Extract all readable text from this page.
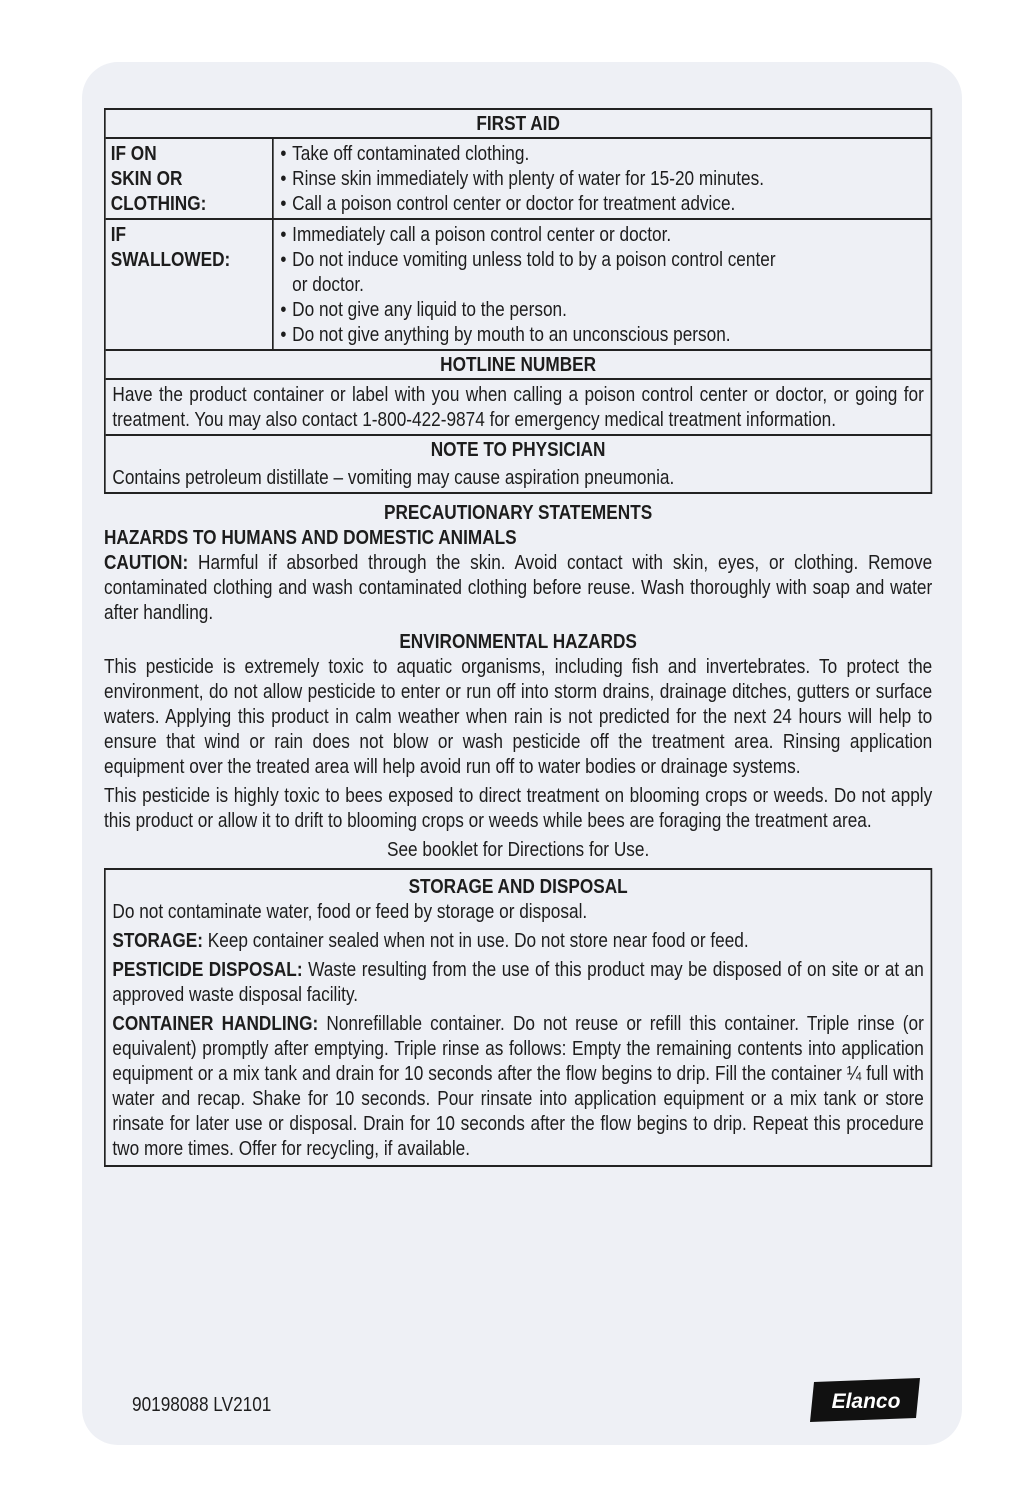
FIRST AID
IF ON
SKIN OR
CLOTHING:
• Take off contaminated clothing.
• Rinse skin immediately with plenty of water for 15-20 minutes.
• Call a poison control center or doctor for treatment advice.
IF
SWALLOWED:
• Immediately call a poison control center or doctor.
• Do not induce vomiting unless told to by a poison control center
or doctor.
• Do not give any liquid to the person.
• Do not give anything by mouth to an unconscious person.
HOTLINE NUMBER
Have the product container or label with you when calling a poison control center or doctor, or going for treatment. You may also contact 1-800-422-9874 for emergency medical treatment information.
NOTE TO PHYSICIAN
Contains petroleum distillate – vomiting may cause aspiration pneumonia.
PRECAUTIONARY STATEMENTS
HAZARDS TO HUMANS AND DOMESTIC ANIMALS
CAUTION: Harmful if absorbed through the skin. Avoid contact with skin, eyes, or clothing. Remove contaminated clothing and wash contaminated clothing before reuse. Wash thoroughly with soap and water after handling.
ENVIRONMENTAL HAZARDS
This pesticide is extremely toxic to aquatic organisms, including fish and invertebrates. To protect the environment, do not allow pesticide to enter or run off into storm drains, drainage ditches, gutters or surface waters. Applying this product in calm weather when rain is not predicted for the next 24 hours will help to ensure that wind or rain does not blow or wash pesticide off the treatment area. Rinsing application equipment over the treated area will help avoid run off to water bodies or drainage systems.
This pesticide is highly toxic to bees exposed to direct treatment on blooming crops or weeds. Do not apply this product or allow it to drift to blooming crops or weeds while bees are foraging the treatment area.
See booklet for Directions for Use.
STORAGE AND DISPOSAL
Do not contaminate water, food or feed by storage or disposal.
STORAGE: Keep container sealed when not in use. Do not store near food or feed.
PESTICIDE DISPOSAL: Waste resulting from the use of this product may be disposed of on site or at an approved waste disposal facility.
CONTAINER HANDLING: Nonrefillable container. Do not reuse or refill this container. Triple rinse (or equivalent) promptly after emptying. Triple rinse as follows: Empty the remaining contents into application equipment or a mix tank and drain for 10 seconds after the flow begins to drip. Fill the container ¼ full with water and recap. Shake for 10 seconds. Pour rinsate into application equipment or a mix tank or store rinsate for later use or disposal. Drain for 10 seconds after the flow begins to drip. Repeat this procedure two more times. Offer for recycling, if available.
90198088 LV2101	Elanco
